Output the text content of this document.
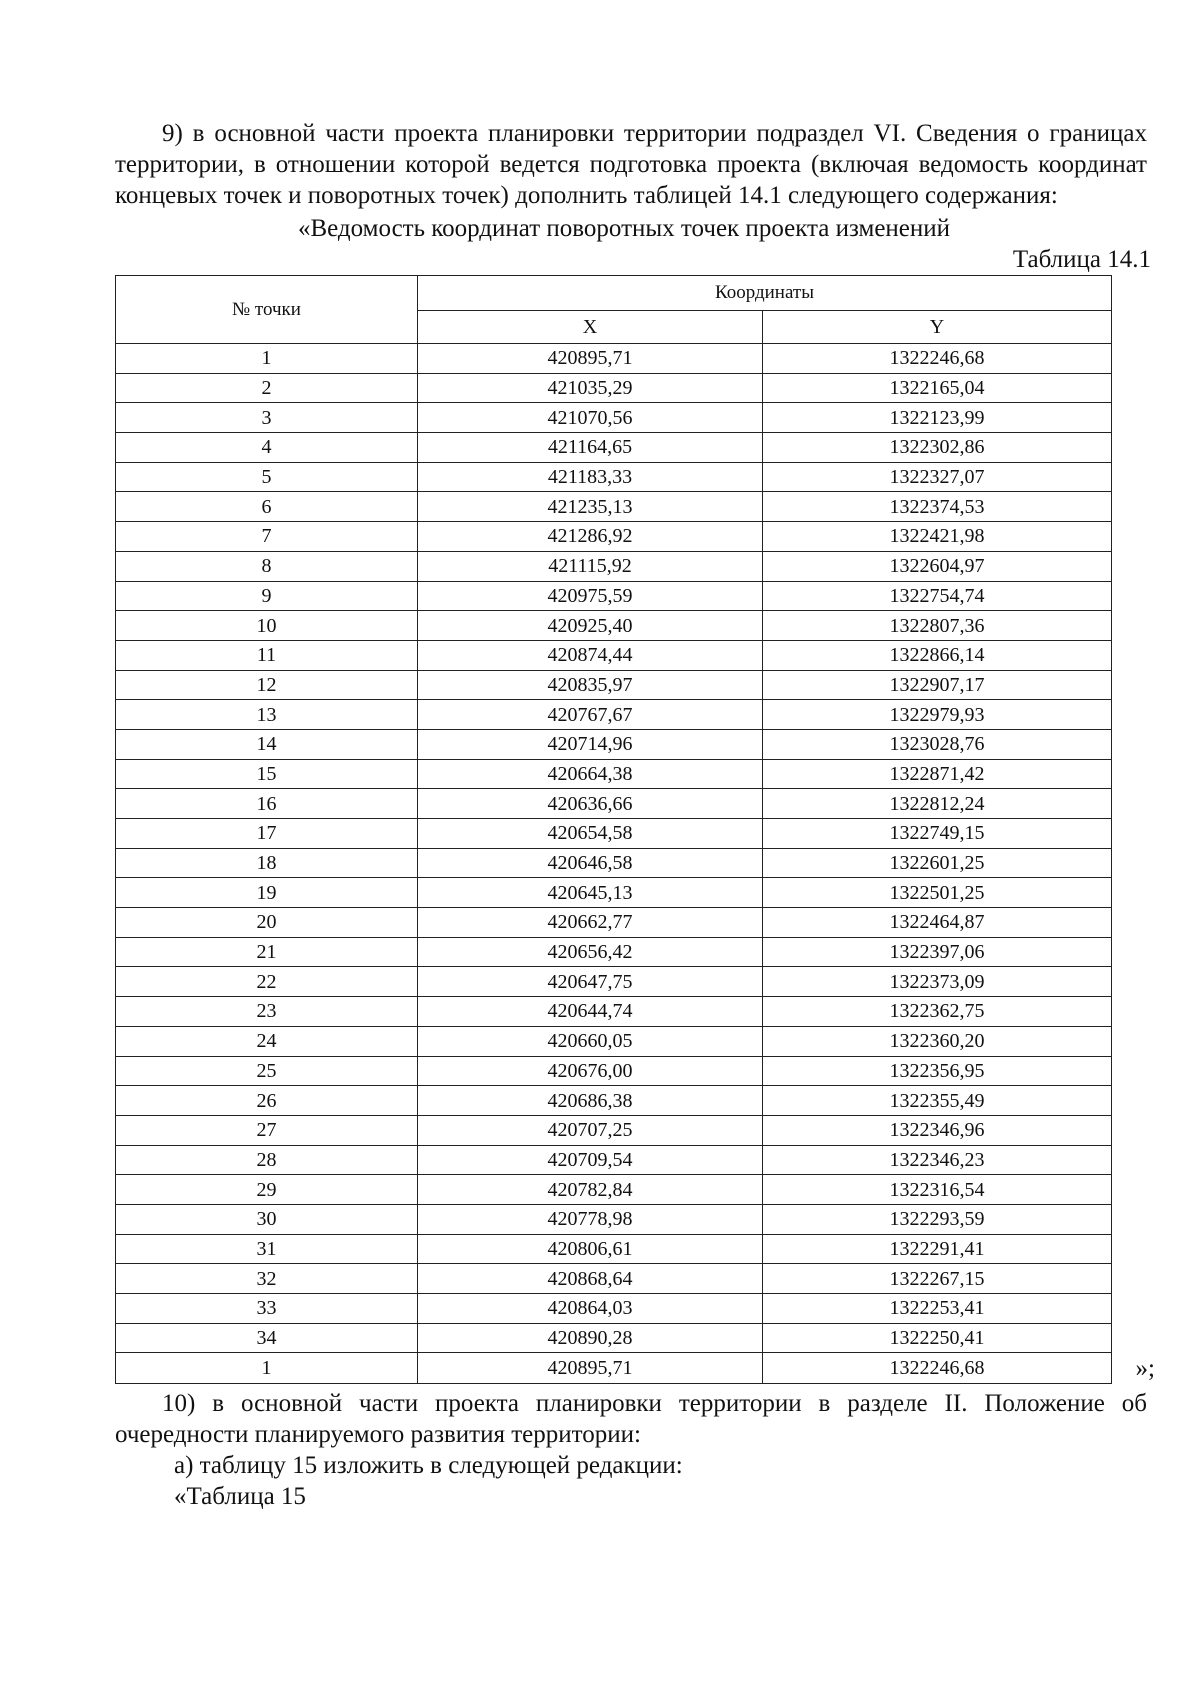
9) в основной части проекта планировки территории подраздел VI. Сведения о границах территории, в отношении которой ведется подготовка проекта (включая ведомость координат концевых точек и поворотных точек) дополнить таблицей 14.1 следующего содержания:

«Ведомость координат поворотных точек проекта изменений

Таблица 14.1

№ точки	Координаты	
	X	Y
1	420895,71	1322246,68
2	421035,29	1322165,04
3	421070,56	1322123,99
4	421164,65	1322302,86
5	421183,33	1322327,07
6	421235,13	1322374,53
7	421286,92	1322421,98
8	421115,92	1322604,97
9	420975,59	1322754,74
10	420925,40	1322807,36
11	420874,44	1322866,14
12	420835,97	1322907,17
13	420767,67	1322979,93
14	420714,96	1323028,76
15	420664,38	1322871,42
16	420636,66	1322812,24
17	420654,58	1322749,15
18	420646,58	1322601,25
19	420645,13	1322501,25
20	420662,77	1322464,87
21	420656,42	1322397,06
22	420647,75	1322373,09
23	420644,74	1322362,75
24	420660,05	1322360,20
25	420676,00	1322356,95
26	420686,38	1322355,49
27	420707,25	1322346,96
28	420709,54	1322346,23
29	420782,84	1322316,54
30	420778,98	1322293,59
31	420806,61	1322291,41
32	420868,64	1322267,15
33	420864,03	1322253,41
34	420890,28	1322250,41
1	420895,71	1322246,68	»;

10) в основной части проекта планировки территории в разделе II. Положение об очередности планируемого развития территории:

а) таблицу 15 изложить в следующей редакции:

«Таблица 15
